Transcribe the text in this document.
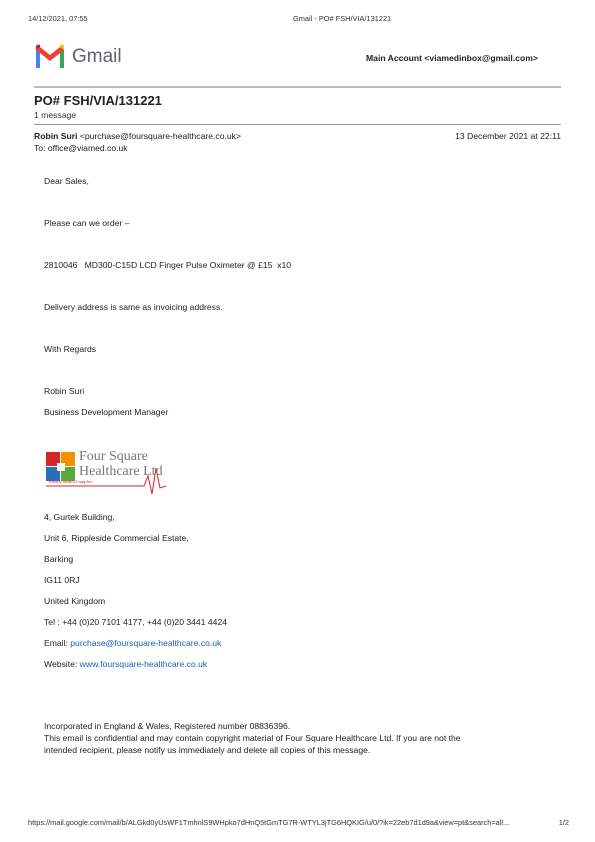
14/12/2021, 07:55	Gmail - PO# FSH/VIA/131221
Gmail	Main Account <viamedinbox@gmail.com>
PO# FSH/VIA/131221
1 message
Robin Suri <purchase@foursquare-healthcare.co.uk>	13 December 2021 at 22:11
To: office@viamed.co.uk
Dear Sales,
Please can we order –
2810046   MD300-C15D LCD Finger Pulse Oximeter @ £15  x10
Delivery address is same as invoicing address.
With Regards
Robin Suri
Business Development Manager
Four Square
Healthcare Ltd
Trusted medical supplier
4, Gurtek Building,
Unit 6, Rippleside Commercial Estate,
Barking
IG11 0RJ
United Kingdom
Tel : +44 (0)20 7101 4177, +44 (0)20 3441 4424
Email: purchase@foursquare-healthcare.co.uk
Website: www.foursquare-healthcare.co.uk
Incorporated in England & Wales, Registered number 08836396.
This email is confidential and may contain copyright material of Four Square Healthcare Ltd. If you are not the
intended recipient, please notify us immediately and delete all copies of this message.
https://mail.google.com/mail/b/ALGkd0yUsWF1TmhnlS9WHpko7dHnQ5tGmTG7R-WTYL3jTG6HQKIG/u/0/?ik=22eb7d1d9a&view=pt&search=all...	1/2
